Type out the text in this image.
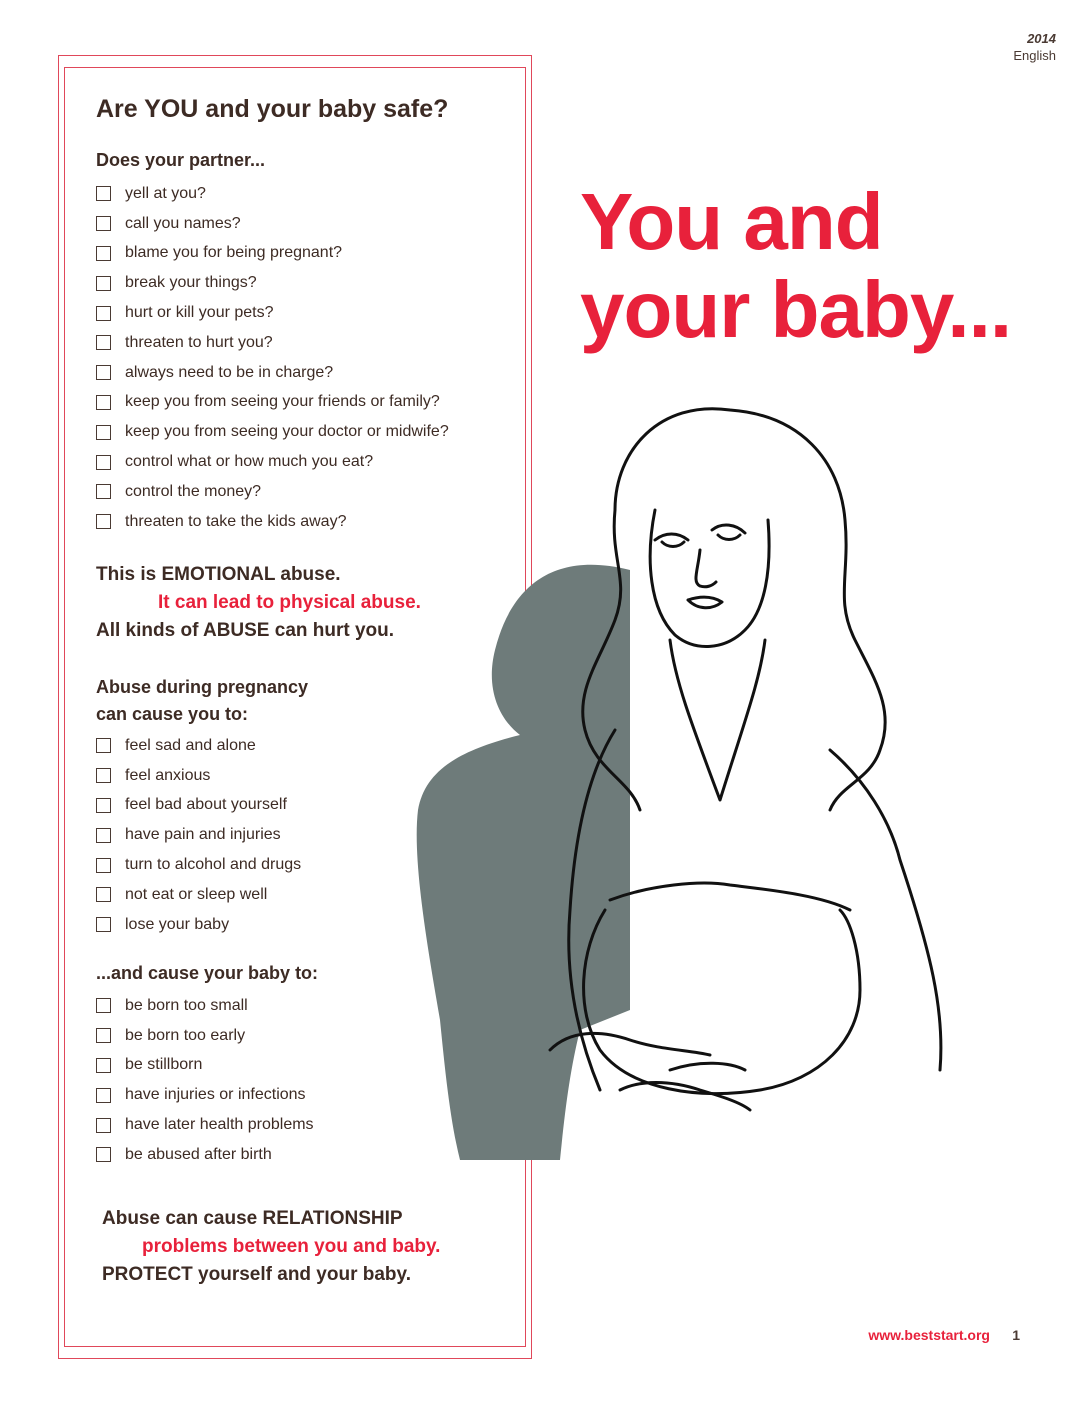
2014
English
Are YOU and your baby safe?
Does your partner...
yell at you?
call you names?
blame you for being pregnant?
break your things?
hurt or kill your pets?
threaten to hurt you?
always need to be in charge?
keep you from seeing your friends or family?
keep you from seeing your doctor or midwife?
control what or how much you eat?
control the money?
threaten to take the kids away?
This is EMOTIONAL abuse.
It can lead to physical abuse.
All kinds of ABUSE can hurt you.
Abuse during pregnancy
can cause you to:
feel sad and alone
feel anxious
feel bad about yourself
have pain and injuries
turn to alcohol and drugs
not eat or sleep well
lose your baby
...and cause your baby to:
be born too small
be born too early
be stillborn
have injuries or infections
have later health problems
be abused after birth
Abuse can cause RELATIONSHIP
problems between you and baby.
PROTECT yourself and your baby.
You and
your baby...
www.beststart.org 1
